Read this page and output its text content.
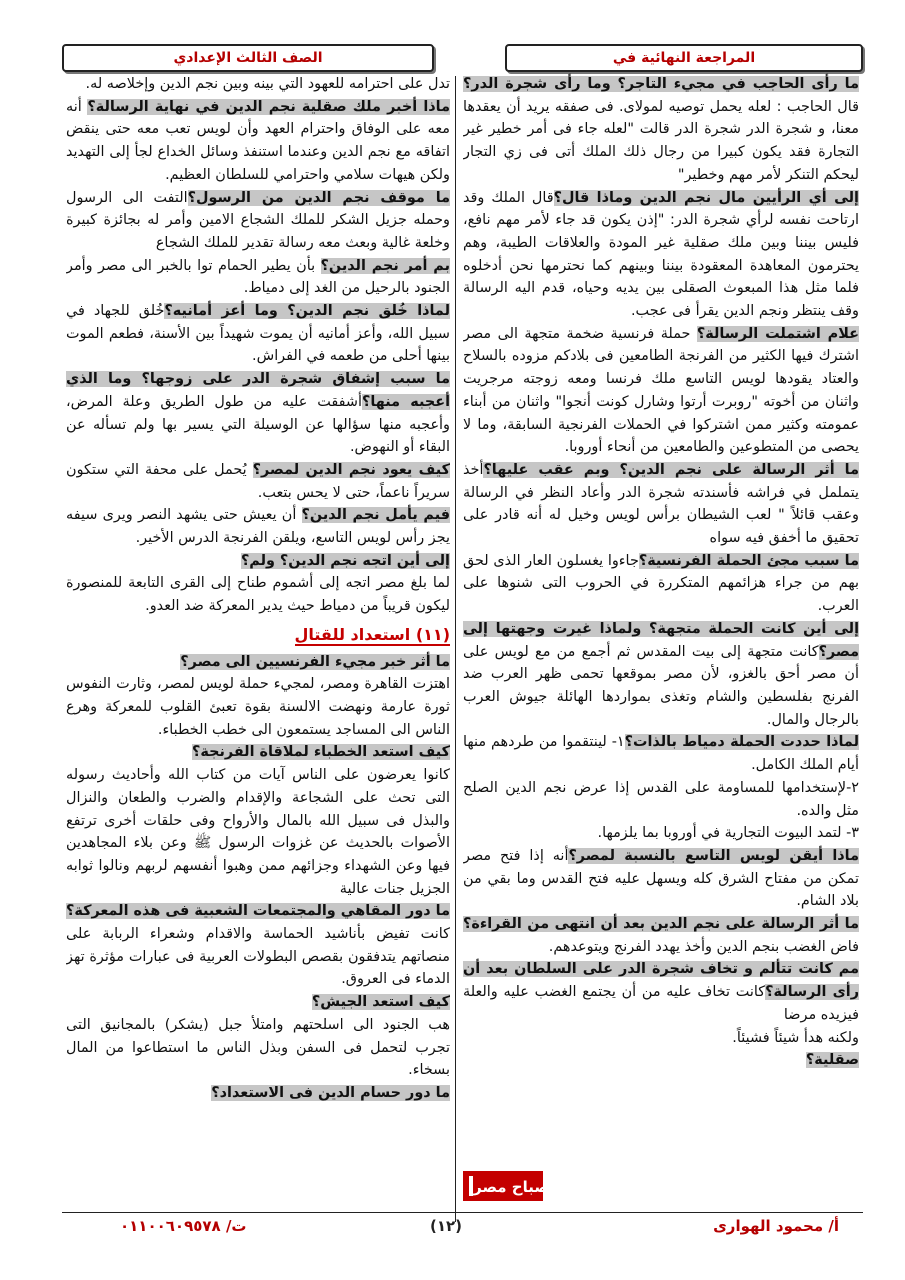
المراجعة النهائية في
الصف الثالث الإعدادي

ما رأى الحاجب في مجيء التاجر؟ وما رأى شجرة الدر؟ قال الحاجب : لعله يحمل توصيه لمولاى. فى صفقه يريد أن يعقدها معنا، و شجرة الدر شجرة الدر قالت "لعله جاء فى أمر خطير غير التجارة فقد يكون كبيرا من رجال ذلك الملك أتى فى زي التجار ليحكم التنكر لأمر مهم وخطير"

إلى أي الرأيين مال نجم الدين وماذا قال؟قال الملك وقد ارتاحت نفسه لرأي شجرة الدر: "إذن يكون قد جاء لأمر مهم نافع، فليس بيننا وبين ملك صقلية غير المودة والعلاقات الطيبة، وهم يحترمون المعاهدة المعقودة بيننا وبينهم كما نحترمها نحن أدخلوه فلما مثل هذا المبعوث الصقلى بين يديه وحياه، قدم اليه الرسالة وقف ينتظر ونجم الدين يقرأ فى عجب.

علام اشتملت الرسالة؟ حملة فرنسية ضخمة متجهة الى مصر اشترك فيها الكثير من الفرنجة الطامعين فى بلادكم مزوده بالسلاح والعتاد يقودها لويس التاسع ملك فرنسا ومعه زوجته مرجريت واثنان من أخوته "روبرت أرتوا وشارل كونت أنجوا" واثنان من أبناء عمومته وكثير ممن اشتركوا في الحملات الفرنجية السابقة، وما لا يحصى من المتطوعين والطامعين من أنحاء أوروبا.

ما أثر الرسالة على نجم الدين؟ وبم عقب عليها؟أخذ يتململ في فراشه فأسندته شجرة الدر وأعاد النظر في الرسالة وعقب قائلاً " لعب الشيطان برأس لويس وخيل له أنه قادر على تحقيق ما أخفق فيه سواه

ما سبب مجئ الحملة الفرنسية؟جاءوا يغسلون العار الذى لحق بهم من جراء هزائمهم المتكررة في الحروب التى شنوها على العرب.

إلى أين كانت الحملة متجهة؟ ولماذا غيرت وجهتها إلى مصر؟كانت متجهة إلى بيت المقدس ثم أجمع من مع لويس على أن مصر أحق بالغزو، لأن مصر بموقعها تحمى ظهر العرب ضد الفرنج بفلسطين والشام وتغذى بمواردها الهائلة جيوش العرب بالرجال والمال.

لماذا حددت الحملة دمياط بالذات؟١- لينتقموا من طردهم منها أيام الملك الكامل.
٢-لإستخدامها للمساومة على القدس إذا عرض نجم الدين الصلح مثل والده.
٣- لتمد البيوت التجارية في أوروبا بما يلزمها.

ماذا أيقن لويس التاسع بالنسبة لمصر؟أنه إذا فتح مصر تمكن من مفتاح الشرق كله ويسهل عليه فتح القدس وما بقي من بلاد الشام.

ما أثر الرسالة على نجم الدين بعد أن انتهى من القراءة؟فاض الغضب بنجم الدين وأخذ يهدد الفرنج ويتوعدهم.

مم كانت تتألم و تخاف شجرة الدر على السلطان بعد أن رأى الرسالة؟كانت تخاف عليه من أن يجتمع الغضب عليه والعلة فيزيده مرضا
ولكنه هدأ شيئاً فشيئاً.

صقلية؟

تدل على احترامه للعهود التي بينه وبين نجم الدين وإخلاصه له.

ماذا أخبر ملك صقلية نجم الدين في نهاية الرسالة؟ أنه معه على الوفاق واحترام العهد وأن لويس تعب معه حتى ينقض اتفاقه مع نجم الدين وعندما استنفذ وسائل الخداع لجأ إلى التهديد ولكن هيهات سلامي واحترامي للسلطان العظيم.

ما موقف نجم الدين من الرسول؟التفت الى الرسول وحمله جزيل الشكر للملك الشجاع الامين وأمر له بجائزة كبيرة وخلعة غالية وبعث معه رسالة تقدير للملك الشجاع

بم أمر نجم الدين؟ بأن يطير الحمام توا بالخبر الى مصر وأمر الجنود بالرحيل من الغد إلى دمياط.

لماذا خُلق نجم الدين؟ وما أعز أمانيه؟خُلق للجهاد في سبيل الله، وأعز أمانيه أن يموت شهيداً بين الأسنة، فطعم الموت بينها أحلى من طعمه في الفراش.

ما سبب إشفاق شجرة الدر على زوجها؟ وما الذي أعجبه منها؟أشفقت عليه من طول الطريق وعلة المرض، وأعجبه منها سؤالها عن الوسيلة التي يسير بها ولم تسأله عن البقاء أو النهوض.

كيف يعود نجم الدين لمصر؟ يُحمل على محفة التي ستكون سريراً ناعماً، حتى لا يحس بتعب.

فيم يأمل نجم الدين؟ أن يعيش حتى يشهد النصر ويرى سيفه يجز رأس لويس التاسع، ويلقن الفرنجة الدرس الأخير.

إلى أين اتجه نجم الدين؟ ولم؟
لما بلغ مصر اتجه إلى أشموم طناح إلى القرى التابعة للمنصورة ليكون قريباً من دمياط حيث يدير المعركة ضد العدو.

(١١) استعداد للقتال

ما أثر خبر مجيء الفرنسيين الى مصر؟
اهتزت القاهرة ومصر، لمجيء حملة لويس لمصر، وثارت النفوس ثورة عارمة ونهضت الالسنة بقوة تعبئ القلوب للمعركة وهرع الناس الى المساجد يستمعون الى خطب الخطباء.

كيف استعد الخطباء لملاقاة الفرنجة؟
كانوا يعرضون على الناس آيات من كتاب الله وأحاديث رسوله التى تحث على الشجاعة والإقدام والضرب والطعان والنزال والبذل فى سبيل الله بالمال والأرواح وفى حلقات أخرى ترتفع الأصوات بالحديث عن غزوات الرسول ﷺ وعن بلاء المجاهدين فيها وعن الشهداء وجزائهم ممن وهبوا أنفسهم لربهم ونالوا ثوابه الجزيل جنات عالية

ما دور المقاهي والمجتمعات الشعبية فى هذه المعركة؟ كانت تفيض بأناشيد الحماسة والاقدام وشعراء الربابة على منصاتهم يتدفقون بقصص البطولات العربية فى عبارات مؤثرة تهز الدماء فى العروق.

كيف استعد الجيش؟
هب الجنود الى اسلحتهم وامتلأ جبل (يشكر) بالمجانيق التى تجرب لتحمل فى السفن وبذل الناس ما استطاعوا من المال بسخاء.

ما دور حسام الدين فى الاستعداد؟

صباح مصر
أ/ محمود الهوارى
(١٢)
ت/ ٠١١٠٠٦٠٩٥٧٨
